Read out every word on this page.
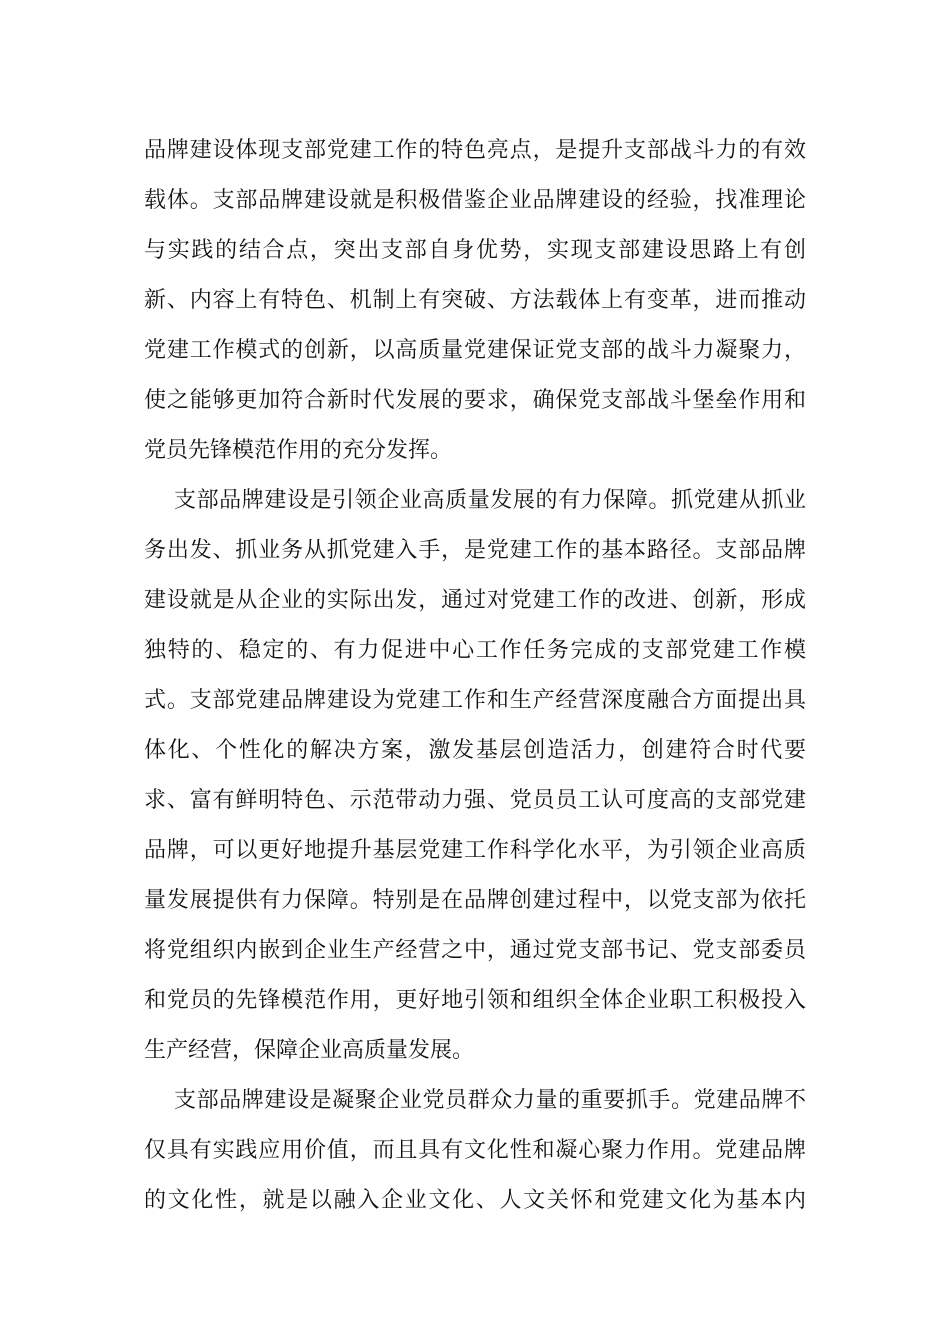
品牌建设体现支部党建工作的特色亮点，是提升支部战斗力的有效
载体。支部品牌建设就是积极借鉴企业品牌建设的经验，找准理论
与实践的结合点，突出支部自身优势，实现支部建设思路上有创
新、内容上有特色、机制上有突破、方法载体上有变革，进而推动
党建工作模式的创新，以高质量党建保证党支部的战斗力凝聚力，
使之能够更加符合新时代发展的要求，确保党支部战斗堡垒作用和
党员先锋模范作用的充分发挥。
支部品牌建设是引领企业高质量发展的有力保障。抓党建从抓业
务出发、抓业务从抓党建入手，是党建工作的基本路径。支部品牌
建设就是从企业的实际出发，通过对党建工作的改进、创新，形成
独特的、稳定的、有力促进中心工作任务完成的支部党建工作模
式。支部党建品牌建设为党建工作和生产经营深度融合方面提出具
体化、个性化的解决方案，激发基层创造活力，创建符合时代要
求、富有鲜明特色、示范带动力强、党员员工认可度高的支部党建
品牌，可以更好地提升基层党建工作科学化水平，为引领企业高质
量发展提供有力保障。特别是在品牌创建过程中，以党支部为依托
将党组织内嵌到企业生产经营之中，通过党支部书记、党支部委员
和党员的先锋模范作用，更好地引领和组织全体企业职工积极投入
生产经营，保障企业高质量发展。
支部品牌建设是凝聚企业党员群众力量的重要抓手。党建品牌不
仅具有实践应用价值，而且具有文化性和凝心聚力作用。党建品牌
的文化性，就是以融入企业文化、人文关怀和党建文化为基本内
